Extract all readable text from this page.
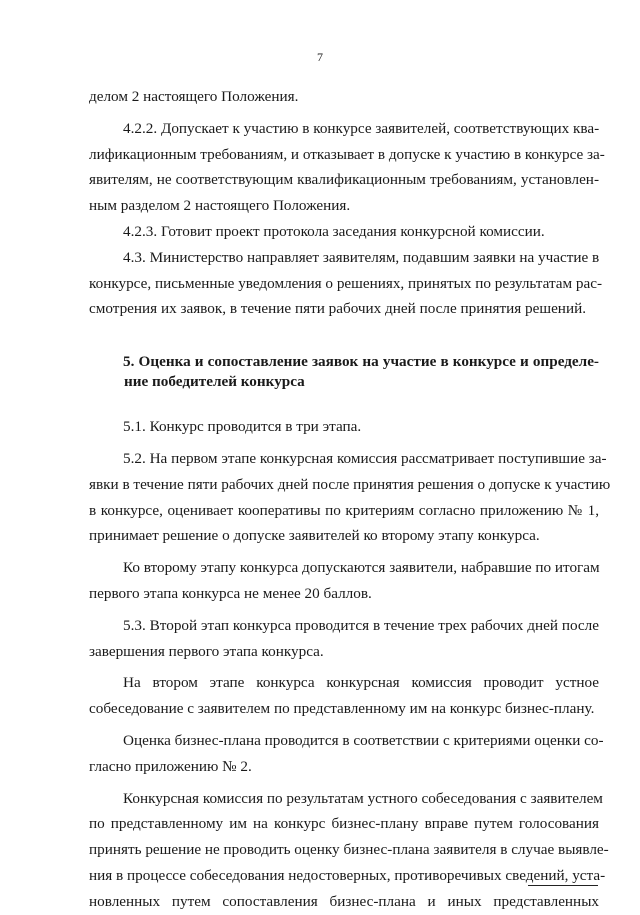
7
делом 2 настоящего Положения.
4.2.2. Допускает к участию в конкурсе заявителей, соответствующих ква-
лификационным требованиям, и отказывает в допуске к участию в конкурсе за-
явителям, не соответствующим квалификационным требованиям, установлен-
ным разделом 2 настоящего Положения.
4.2.3. Готовит проект протокола заседания конкурсной комиссии.
4.3. Министерство направляет заявителям, подавшим заявки на участие в
конкурсе, письменные уведомления о решениях, принятых по результатам рас-
смотрения их заявок, в течение пяти рабочих дней после принятия решений.
5. Оценка и сопоставление заявок на участие в конкурсе и определе-
ние победителей конкурса
5.1. Конкурс проводится в три этапа.
5.2. На первом этапе конкурсная комиссия рассматривает поступившие за-
явки в течение пяти рабочих дней после принятия решения о допуске к участию
в конкурсе, оценивает кооперативы по критериям согласно приложению № 1,
принимает решение о допуске заявителей ко второму этапу конкурса.
Ко второму этапу конкурса допускаются заявители, набравшие по итогам
первого этапа конкурса не менее 20 баллов.
5.3. Второй этап конкурса проводится в течение трех рабочих дней после
завершения первого этапа конкурса.
На втором этапе конкурса конкурсная комиссия проводит устное
собеседование с заявителем по представленному им на конкурс бизнес-плану.
Оценка бизнес-плана проводится в соответствии с критериями оценки со-
гласно приложению № 2.
Конкурсная комиссия по результатам устного собеседования с заявителем
по представленному им на конкурс бизнес-плану вправе путем голосования
принять решение не проводить оценку бизнес-плана заявителя в случае выявле-
ния в процессе собеседования недостоверных, противоречивых сведений, уста-
новленных путем сопоставления бизнес-плана и иных представленных
